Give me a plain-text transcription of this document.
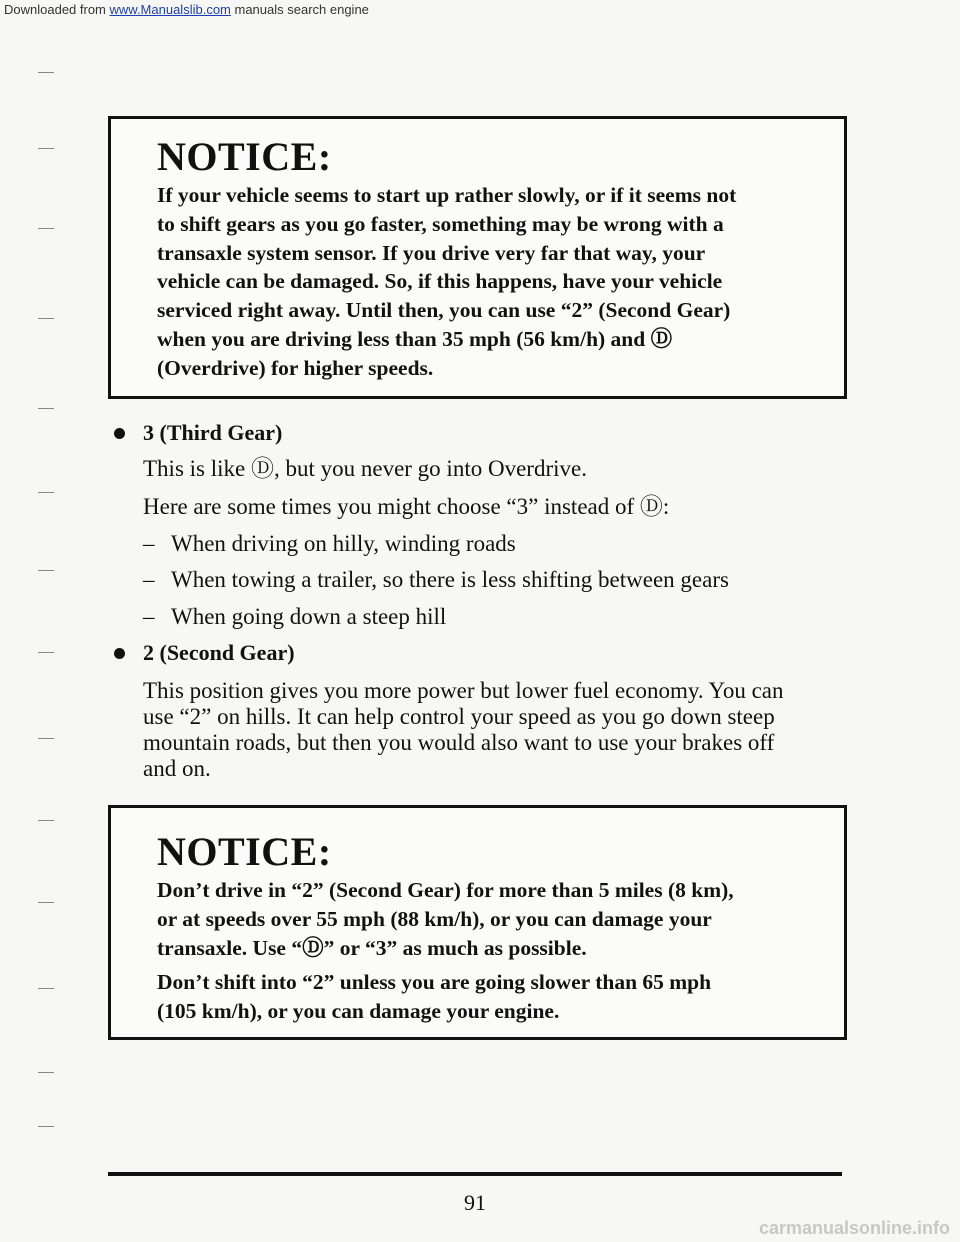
Downloaded from www.Manualslib.com manuals search engine
NOTICE:
If your vehicle seems to start up rather slowly, or if it seems not
to shift gears as you go faster, something may be wrong with a
transaxle system sensor. If you drive very far that way, your
vehicle can be damaged. So, if this happens, have your vehicle
serviced right away. Until then, you can use “2” (Second Gear)
when you are driving less than 35 mph (56 km/h) and Ⓓ
(Overdrive) for higher speeds.
3 (Third Gear)
This is like Ⓓ, but you never go into Overdrive.
Here are some times you might choose “3” instead of Ⓓ:
– When driving on hilly, winding roads
– When towing a trailer, so there is less shifting between gears
– When going down a steep hill
2 (Second Gear)
This position gives you more power but lower fuel economy. You can
use “2” on hills. It can help control your speed as you go down steep
mountain roads, but then you would also want to use your brakes off
and on.
NOTICE:
Don’t drive in “2” (Second Gear) for more than 5 miles (8 km),
or at speeds over 55 mph (88 km/h), or you can damage your
transaxle. Use “Ⓓ” or “3” as much as possible.
Don’t shift into “2” unless you are going slower than 65 mph
(105 km/h), or you can damage your engine.
91
carmanualsonline.info
